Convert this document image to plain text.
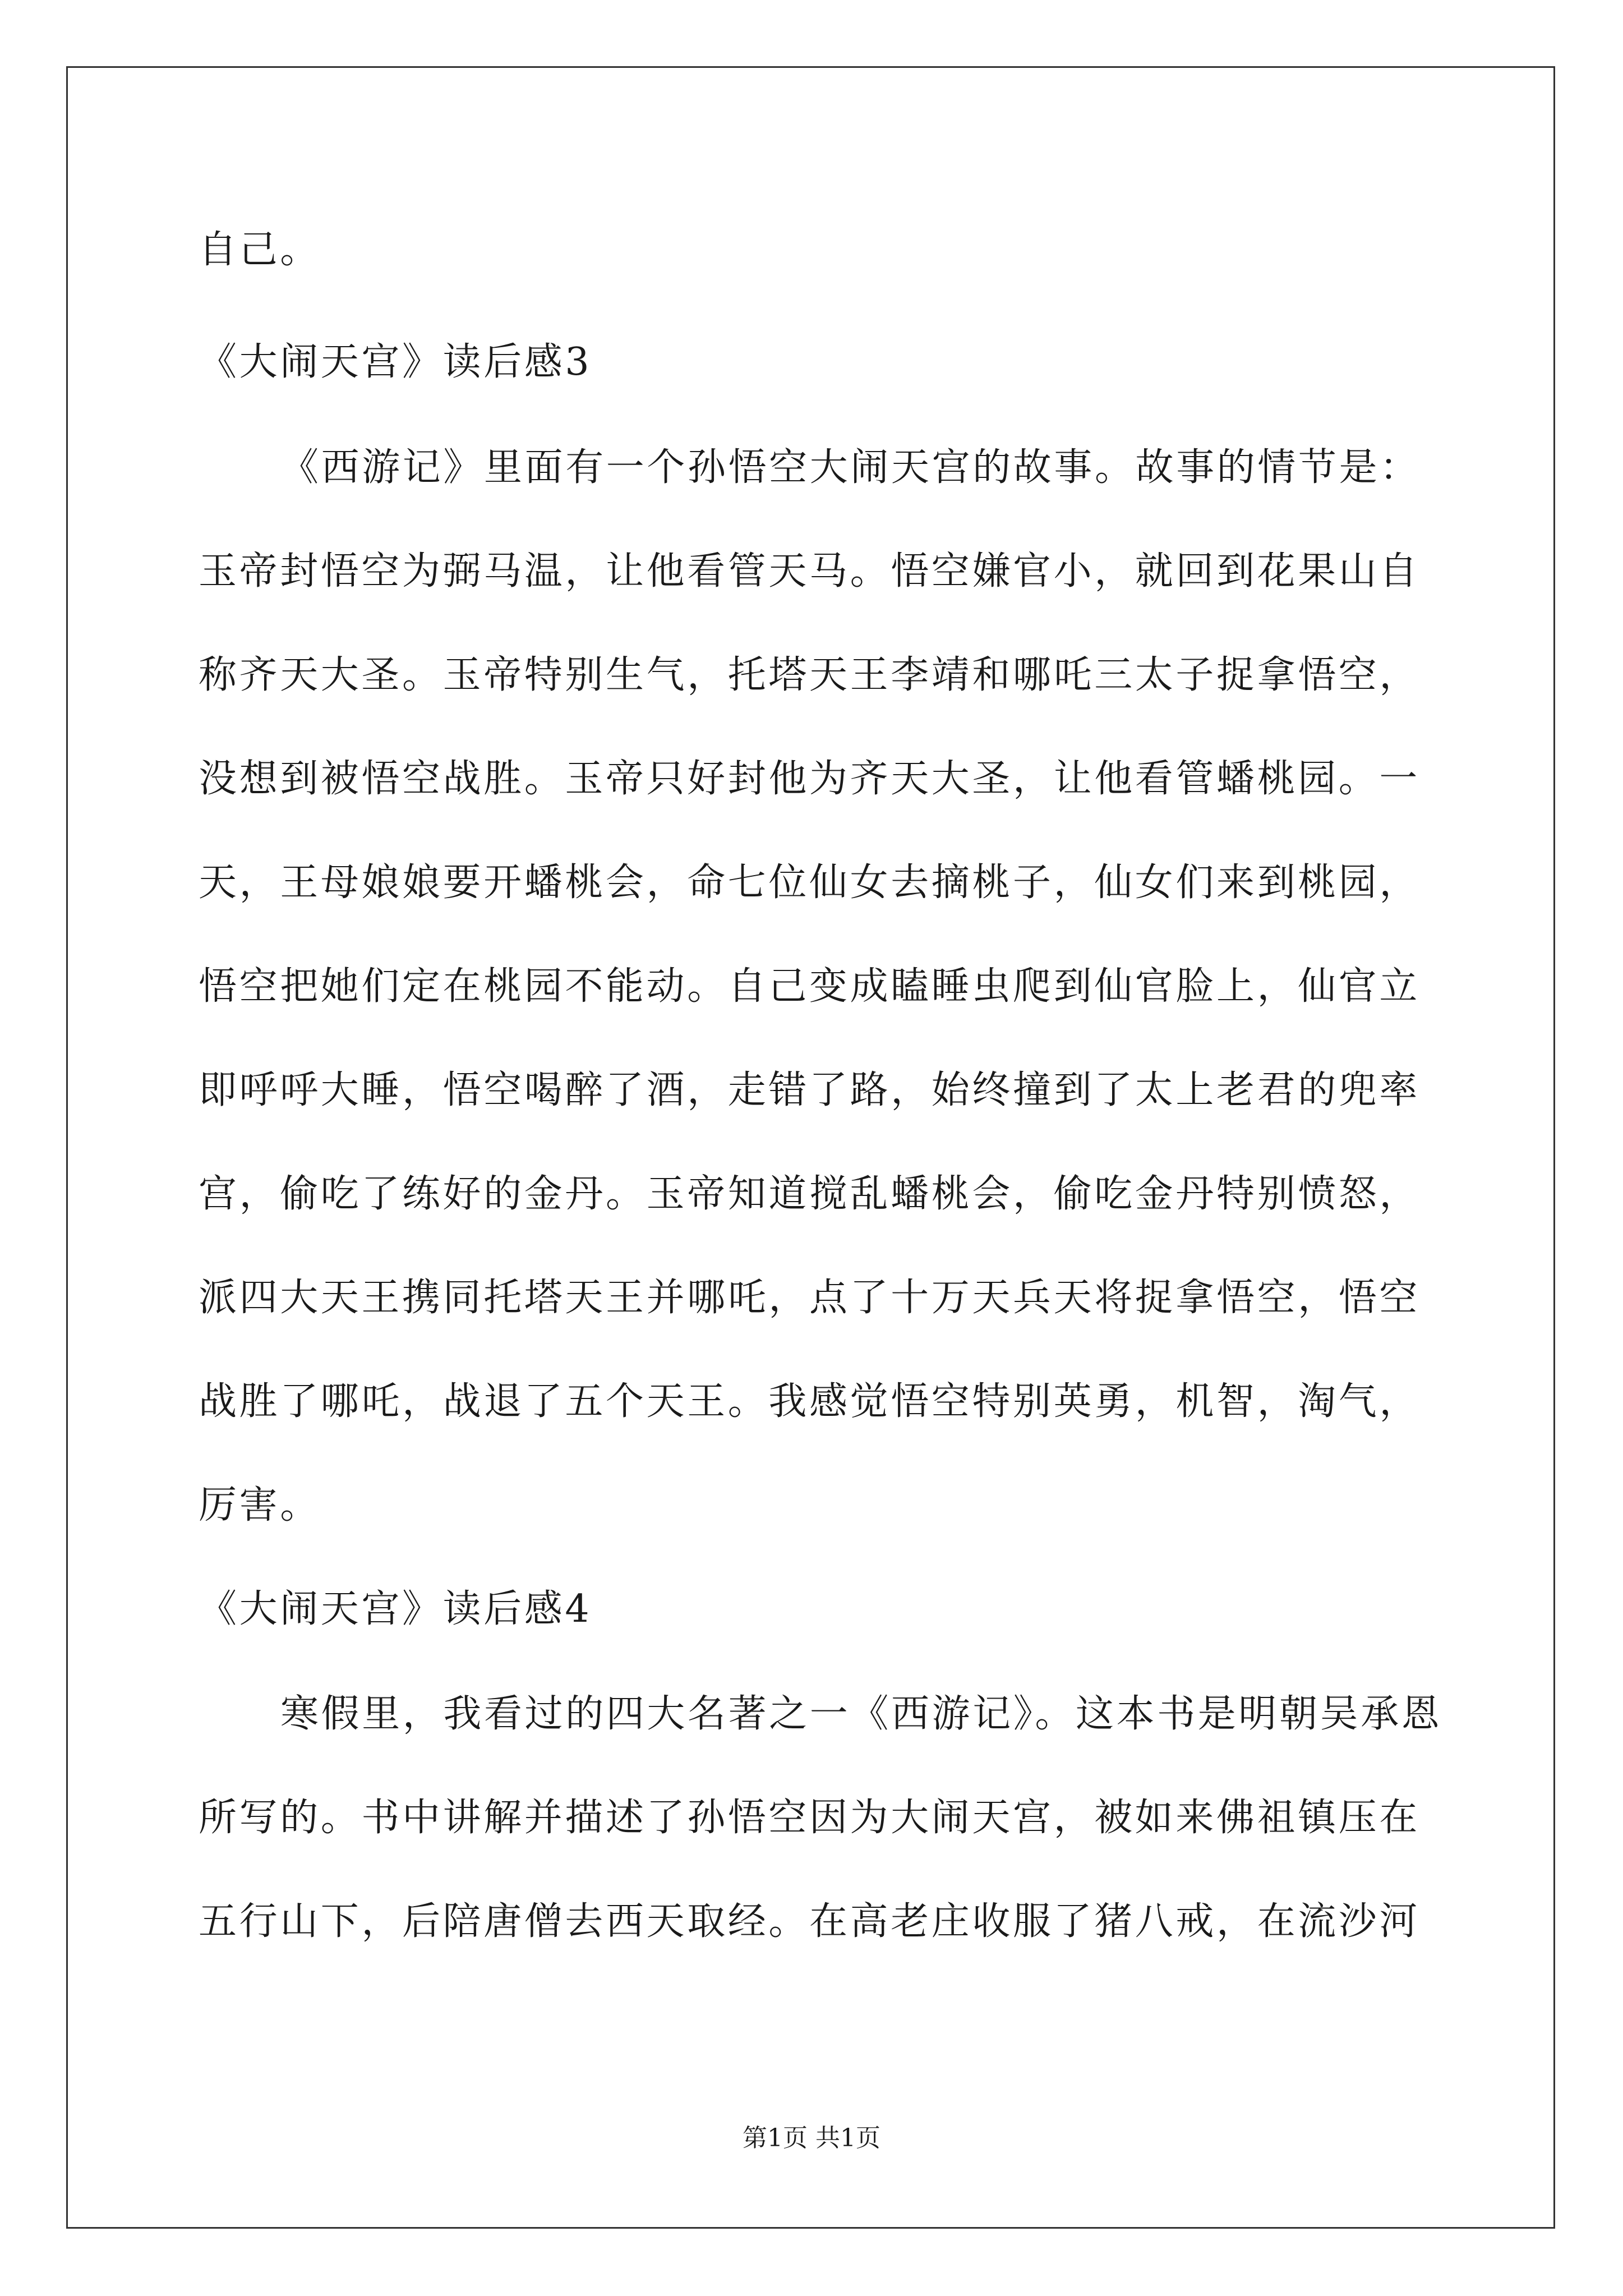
自己。
《大闹天宫》读后感3
《西游记》里面有一个孙悟空大闹天宫的故事。故事的情节是：
玉帝封悟空为弼马温，让他看管天马。悟空嫌官小，就回到花果山自
称齐天大圣。玉帝特别生气，托塔天王李靖和哪吒三太子捉拿悟空，
没想到被悟空战胜。玉帝只好封他为齐天大圣，让他看管蟠桃园。一
天，王母娘娘要开蟠桃会，命七位仙女去摘桃子，仙女们来到桃园，
悟空把她们定在桃园不能动。自己变成瞌睡虫爬到仙官脸上，仙官立
即呼呼大睡，悟空喝醉了酒，走错了路，始终撞到了太上老君的兜率
宫，偷吃了练好的金丹。玉帝知道搅乱蟠桃会，偷吃金丹特别愤怒，
派四大天王携同托塔天王并哪吒，点了十万天兵天将捉拿悟空，悟空
战胜了哪吒，战退了五个天王。我感觉悟空特别英勇，机智，淘气，
厉害。
《大闹天宫》读后感4
寒假里，我看过的四大名著之一《西游记》。这本书是明朝吴承恩
所写的。书中讲解并描述了孙悟空因为大闹天宫，被如来佛祖镇压在
五行山下，后陪唐僧去西天取经。在高老庄收服了猪八戒，在流沙河
第1页 共1页
